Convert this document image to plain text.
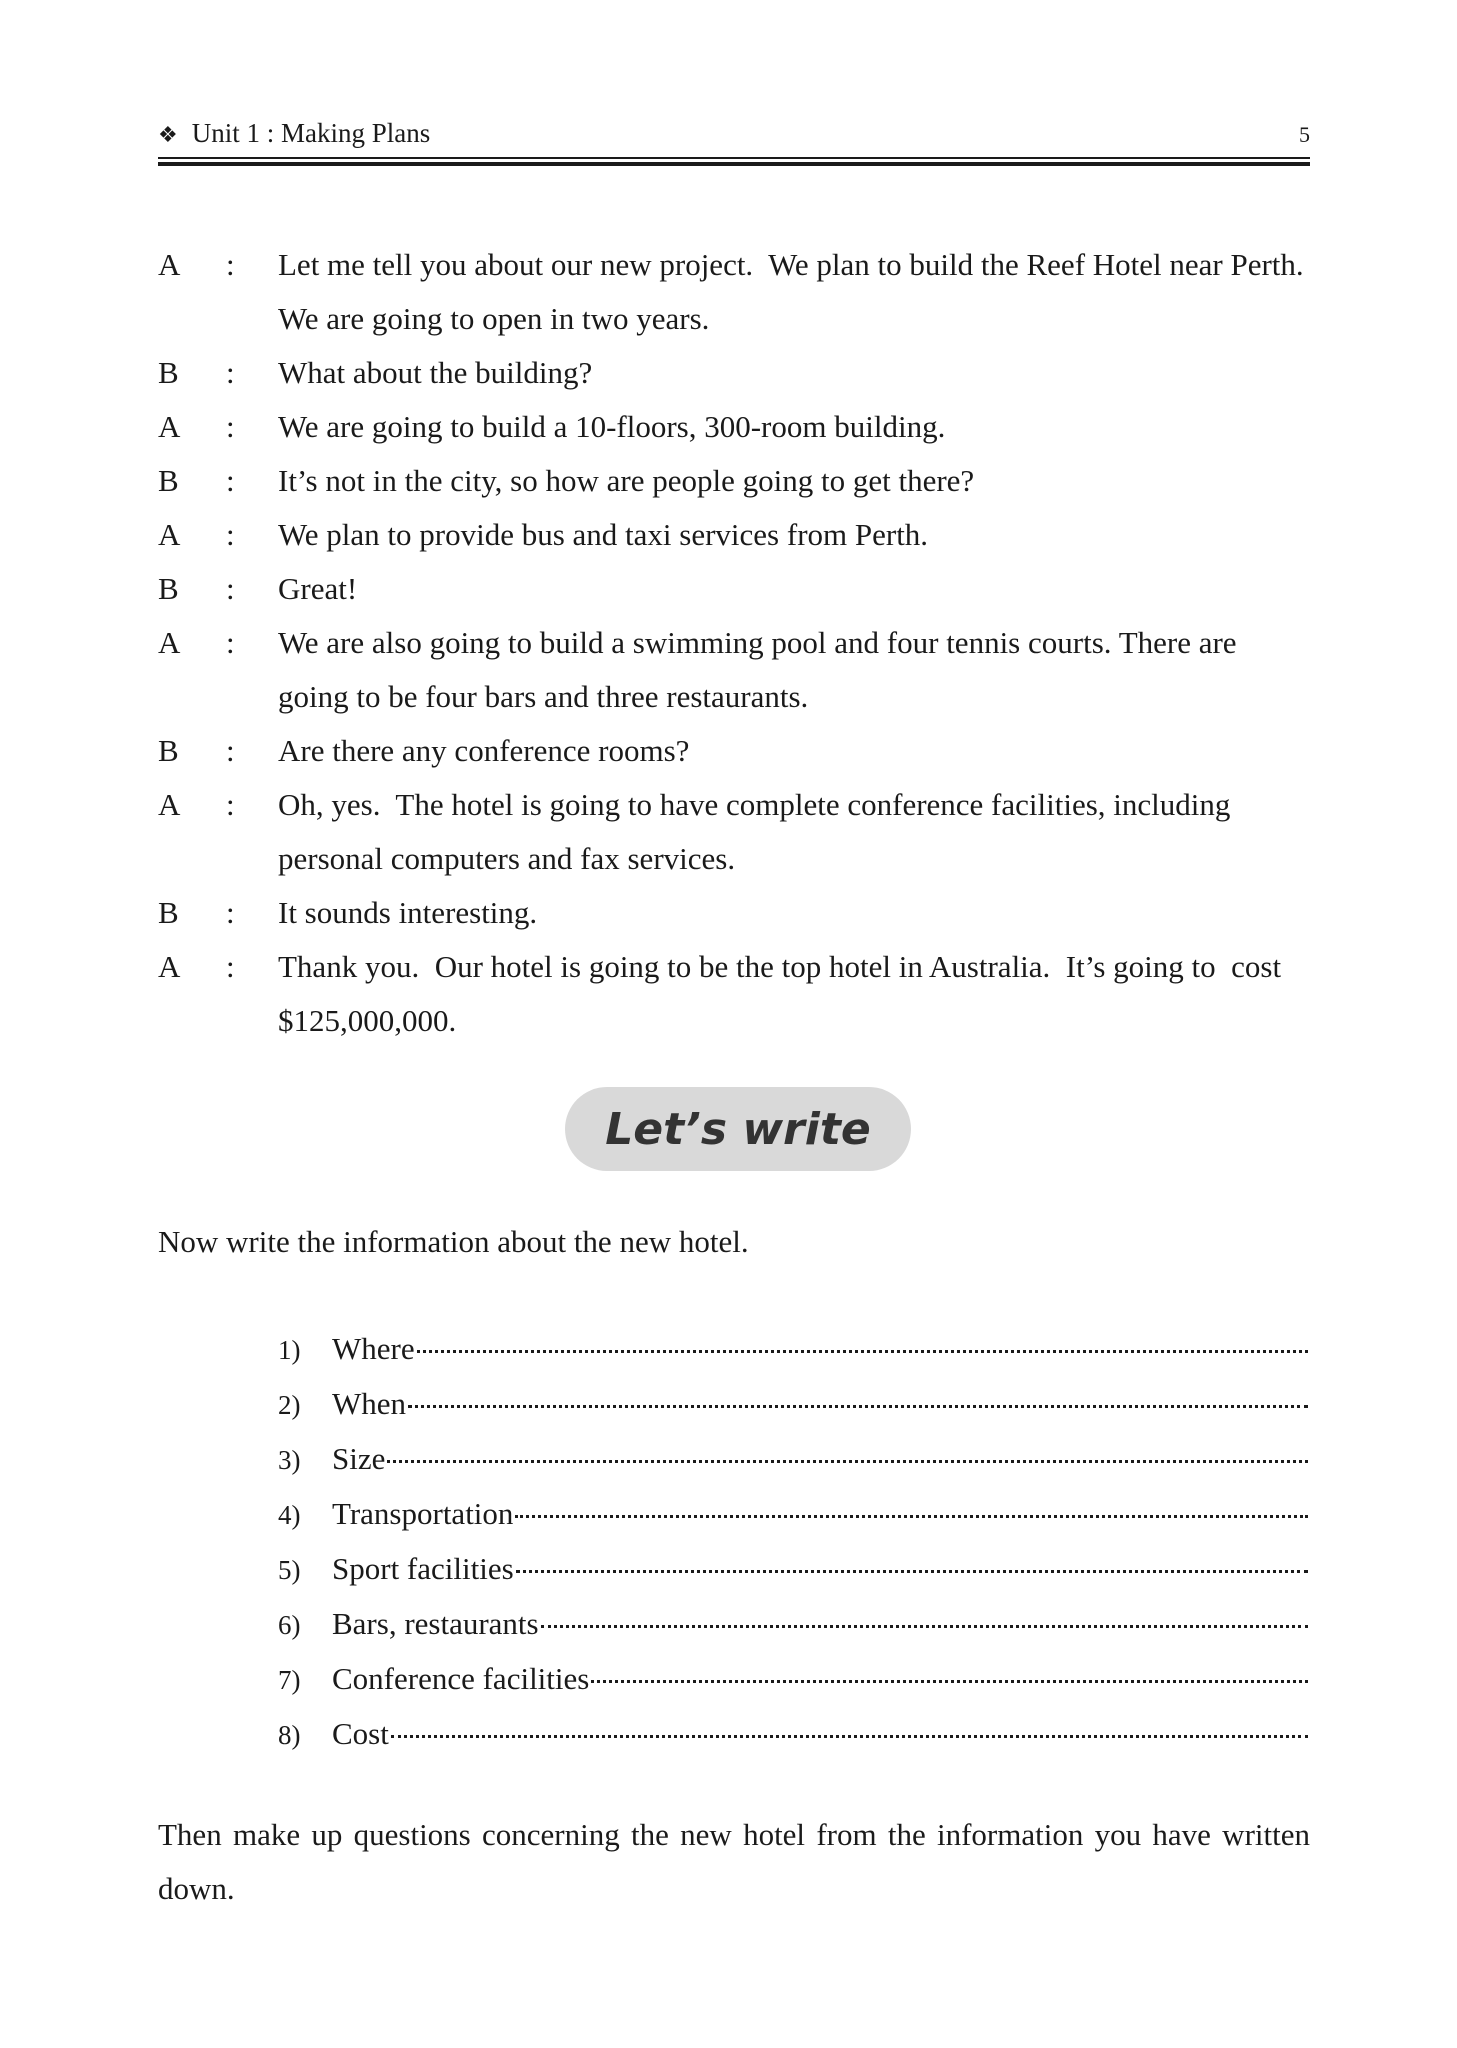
❖ Unit 1 : Making Plans	5
A	:	Let me tell you about our new project.  We plan to build the Reef Hotel near Perth.  We are going to open in two years.
B	:	What about the building?
A	:	We are going to build a 10-floors, 300-room building.
B	:	It’s not in the city, so how are people going to get there?
A	:	We plan to provide bus and taxi services from Perth.
B	:	Great!
A	:	We are also going to build a swimming pool and four tennis courts. There are going to be four bars and three restaurants.
B	:	Are there any conference rooms?
A	:	Oh, yes.  The hotel is going to have complete conference facilities, including  personal computers and fax services.
B	:	It sounds interesting.
A	:	Thank you.  Our hotel is going to be the top hotel in Australia.  It’s going to  cost $125,000,000.
Let’s write
Now write the information about the new hotel.
1)	Where
2)	When
3)	Size
4)	Transportation
5)	Sport facilities
6)	Bars, restaurants
7)	Conference facilities
8)	Cost
Then make up questions concerning the new hotel from the information you have written down.
